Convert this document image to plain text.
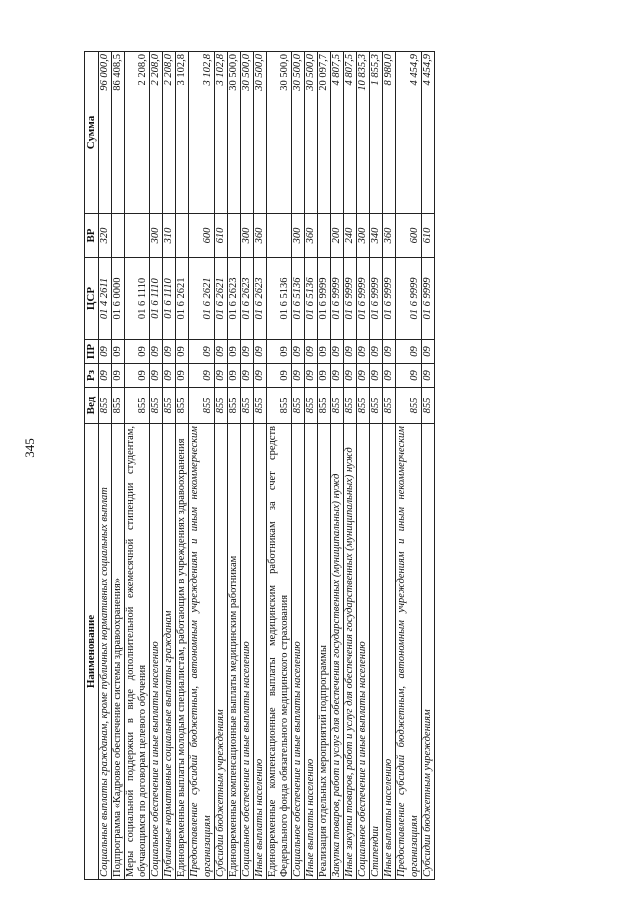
345
Наименование	Вед	Рз	ПР	ЦСР	ВР	Сумма
Социальные выплаты гражданам, кроме публичных нормативных социальных выплат	855	09	09	01 4 2611	320	96 000,0
Подпрограмма «Кадровое обеспечение системы здравоохранения»	855	09	09	01 6 0000		86 408,5
Меры социальной поддержки в виде дополнительной ежемесячной стипендии студентам, обучающимся по договорам целевого обучения	855	09	09	01 6 1110		2 208,0
Социальное обеспечение и иные выплаты населению	855	09	09	01 6 1110	300	2 208,0
Публичные нормативные социальные выплаты гражданам	855	09	09	01 6 1110	310	2 208,0
Единовременные выплаты молодым специалистам, работающим в учреждениях здравоохранения	855	09	09	01 6 2621		3 102,8
Предоставление субсидий бюджетным, автономным учреждениям и иным некоммерческим организациям	855	09	09	01 6 2621	600	3 102,8
Субсидии бюджетным учреждениям	855	09	09	01 6 2621	610	3 102,8
Единовременные компенсационные выплаты медицинским работникам	855	09	09	01 6 2623		30 500,0
Социальное обеспечение и иные выплаты населению	855	09	09	01 6 2623	300	30 500,0
Иные выплаты населению	855	09	09	01 6 2623	360	30 500,0
Единовременные компенсационные выплаты медицинским работникам за счет средств Федерального фонда обязательного медицинского страхования	855	09	09	01 6 5136		30 500,0
Социальное обеспечение и иные выплаты населению	855	09	09	01 6 5136	300	30 500,0
Иные выплаты населению	855	09	09	01 6 5136	360	30 500,0
Реализация отдельных мероприятий подпрограммы	855	09	09	01 6 9999		20 097,7
Закупка товаров, работ и услуг для обеспечения государственных (муниципальных) нужд	855	09	09	01 6 9999	200	4 807,5
Иные закупки товаров, работ и услуг для обеспечения государственных (муниципальных) нужд	855	09	09	01 6 9999	240	4 807,5
Социальное обеспечение и иные выплаты населению	855	09	09	01 6 9999	300	10 835,3
Стипендии	855	09	09	01 6 9999	340	1 855,3
Иные выплаты населению	855	09	09	01 6 9999	360	8 980,0
Предоставление субсидий бюджетным, автономным учреждениям и иным некоммерческим организациям	855	09	09	01 6 9999	600	4 454,9
Субсидии бюджетным учреждениям	855	09	09	01 6 9999	610	4 454,9
